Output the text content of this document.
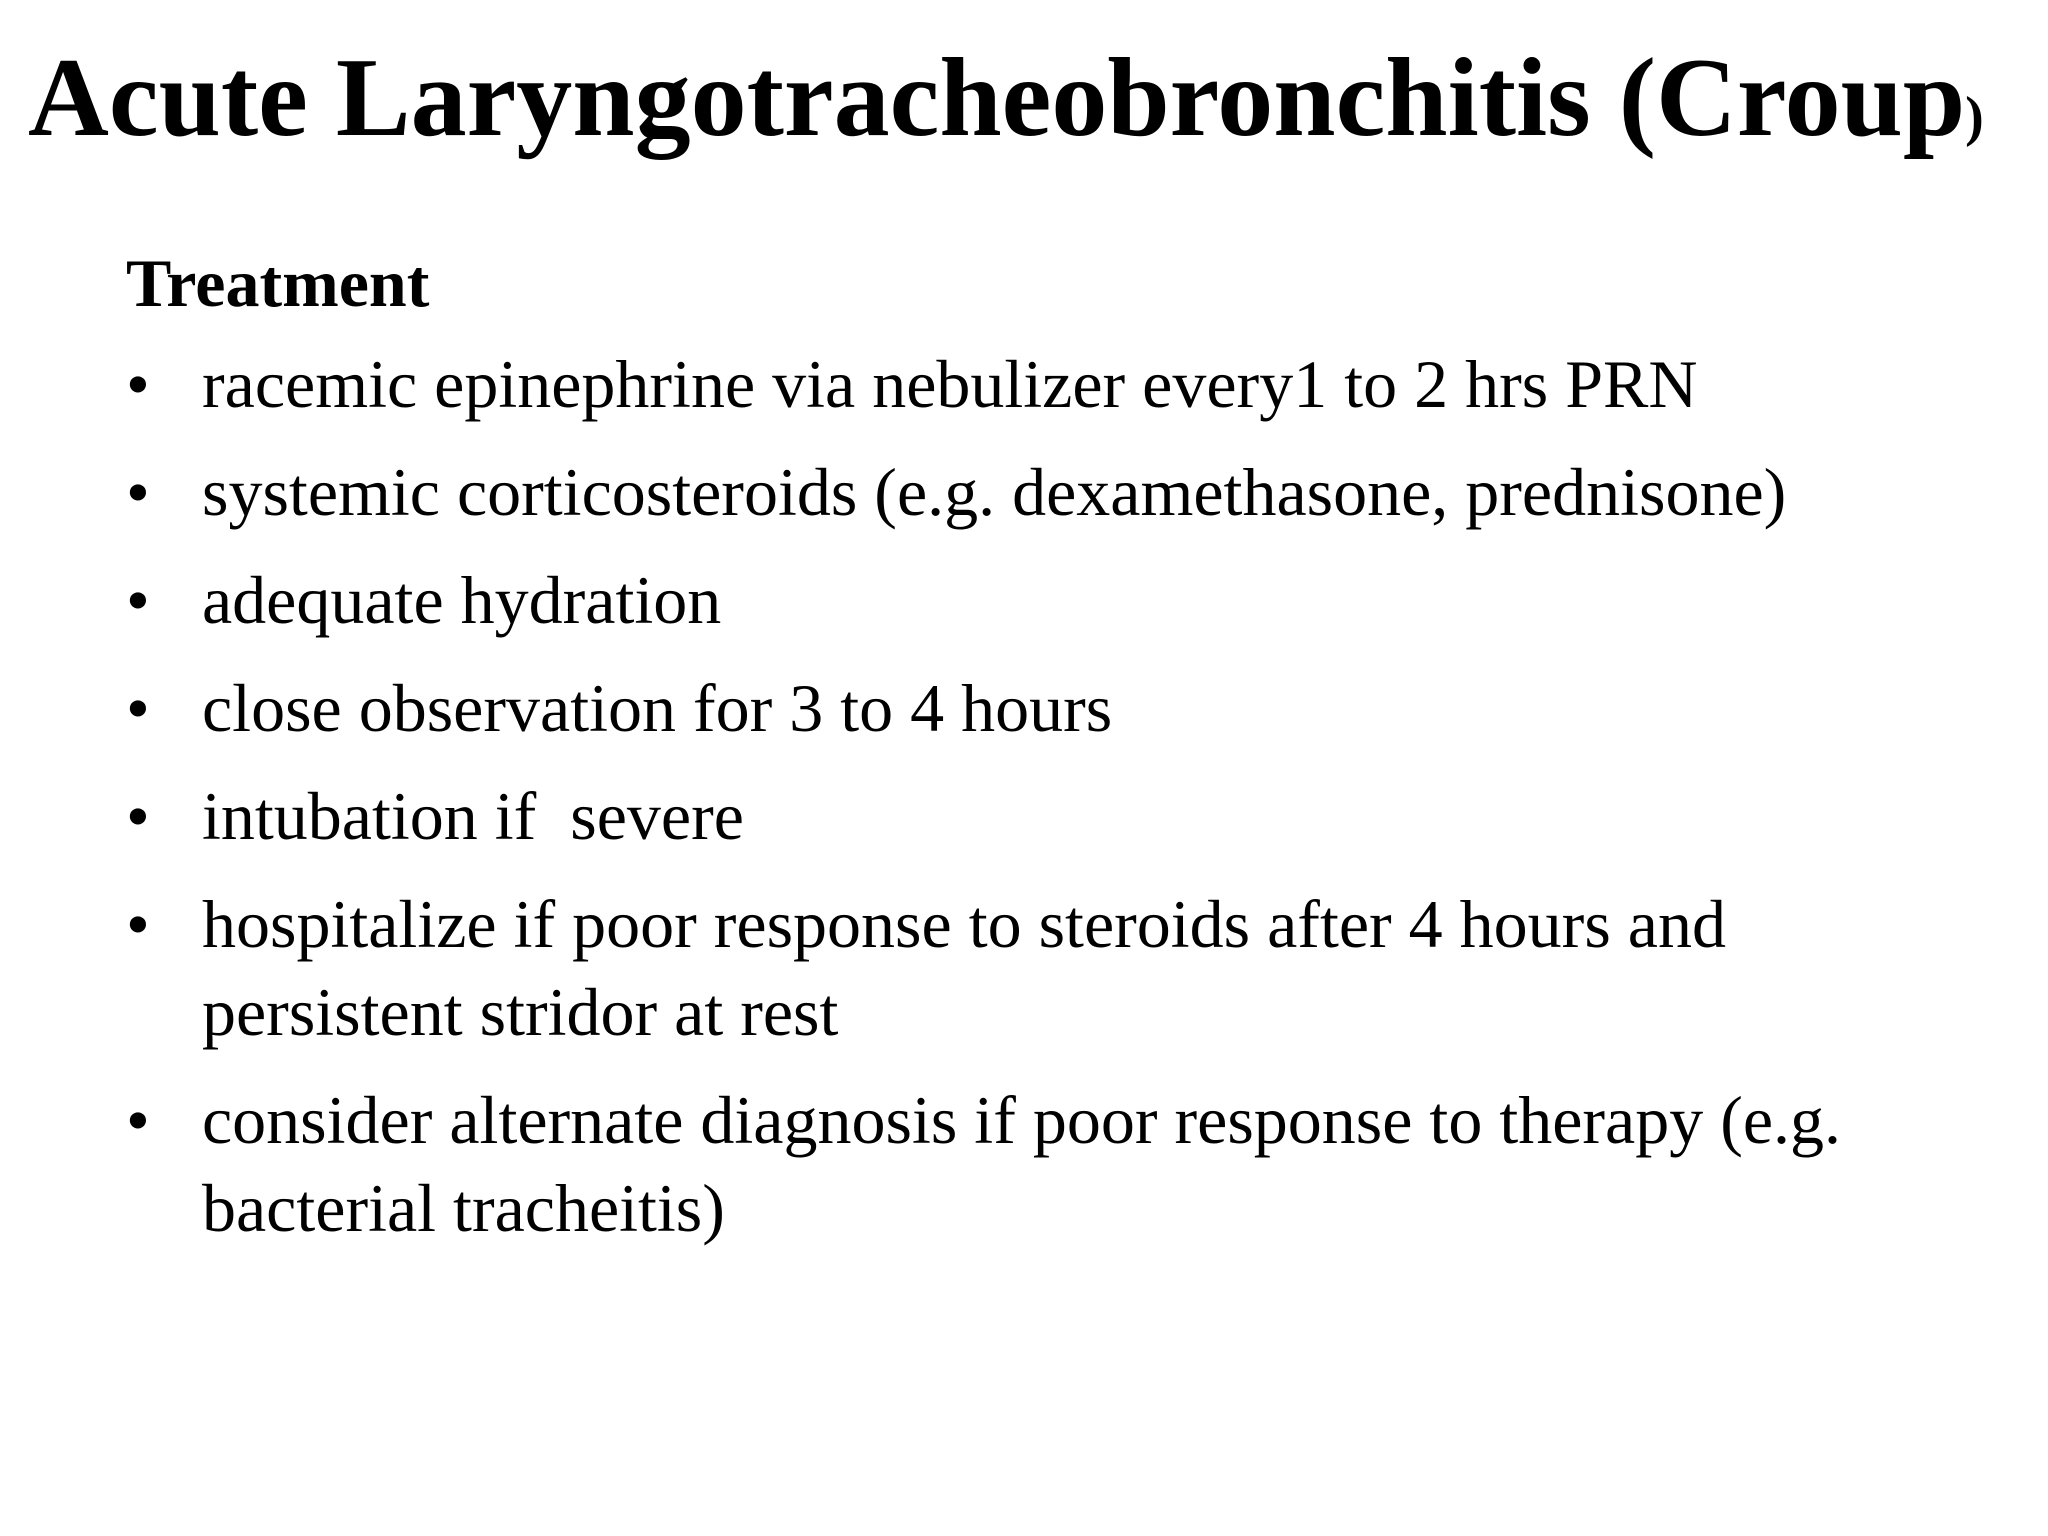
Acute Laryngotracheobronchitis (Croup)
Treatment
• racemic epinephrine via nebulizer every1 to 2 hrs PRN
• systemic corticosteroids (e.g. dexamethasone, prednisone)
• adequate hydration
• close observation for 3 to 4 hours
• intubation if  severe
• hospitalize if poor response to steroids after 4 hours and persistent stridor at rest
• consider alternate diagnosis if poor response to therapy (e.g. bacterial tracheitis)
